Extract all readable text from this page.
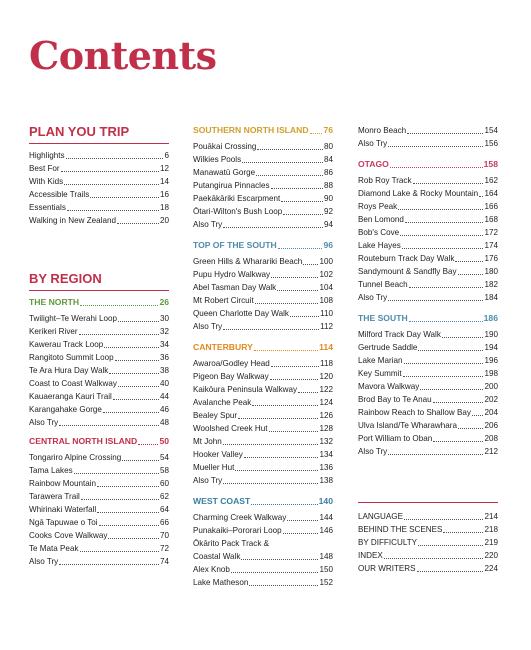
Contents
PLAN YOU TRIP
Highlights	6
Best For	12
With Kids	14
Accessible Trails	16
Essentials	18
Walking in New Zealand	20
BY REGION
THE NORTH	26
Twilight–Te Werahi Loop	30
Kerikeri River	32
Kawerau Track Loop	34
Rangitoto Summit Loop	36
Te Ara Hura Day Walk	38
Coast to Coast Walkway	40
Kauaeranga Kauri Trail	44
Karangahake Gorge	46
Also Try	48
CENTRAL NORTH ISLAND	50
Tongariro Alpine Crossing	54
Tama Lakes	58
Rainbow Mountain	60
Tarawera Trail	62
Whirinaki Waterfall	64
Ngā Tapuwae o Toi	66
Cooks Cove Walkway	70
Te Mata Peak	72
Also Try	74
SOUTHERN NORTH ISLAND 76
Pouākai Crossing	80
Wilkies Pools	84
Manawatū Gorge	86
Putangirua Pinnacles	88
Paekākāriki Escarpment	90
Ōtari-Wilton's Bush Loop	92
Also Try	94
TOP OF THE SOUTH	96
Green Hills & Wharariki Beach 100
Pupu Hydro Walkway	102
Abel Tasman Day Walk	104
Mt Robert Circuit	108
Queen Charlotte Day Walk	110
Also Try	112
CANTERBURY	114
Awaroa/Godley Head	118
Pigeon Bay Walkway	120
Kaikōura Peninsula Walkway	122
Avalanche Peak	124
Bealey Spur	126
Woolshed Creek Hut	128
Mt John	132
Hooker Valley	134
Mueller Hut	136
Also Try	138
WEST COAST	140
Charming Creek Walkway	144
Punakaiki–Pororari Loop	146
Ōkārito Pack Track &
Coastal Walk	148
Alex Knob	150
Lake Matheson	152
Monro Beach	154
Also Try	156
OTAGO	158
Rob Roy Track	162
Diamond Lake & Rocky Mountain 164
Roys Peak	166
Ben Lomond	168
Bob's Cove	172
Lake Hayes	174
Routeburn Track Day Walk	176
Sandymount & Sandfly Bay	180
Tunnel Beach	182
Also Try	184
THE SOUTH	186
Milford Track Day Walk	190
Gertrude Saddle	194
Lake Marian	196
Key Summit	198
Mavora Walkway	200
Brod Bay to Te Anau	202
Rainbow Reach to Shallow Bay 204
Ulva Island/Te Wharawhara	206
Port William to Oban	208
Also Try	212
LANGUAGE	214
BEHIND THE SCENES	218
BY DIFFICULTY	219
INDEX	220
OUR WRITERS	224
